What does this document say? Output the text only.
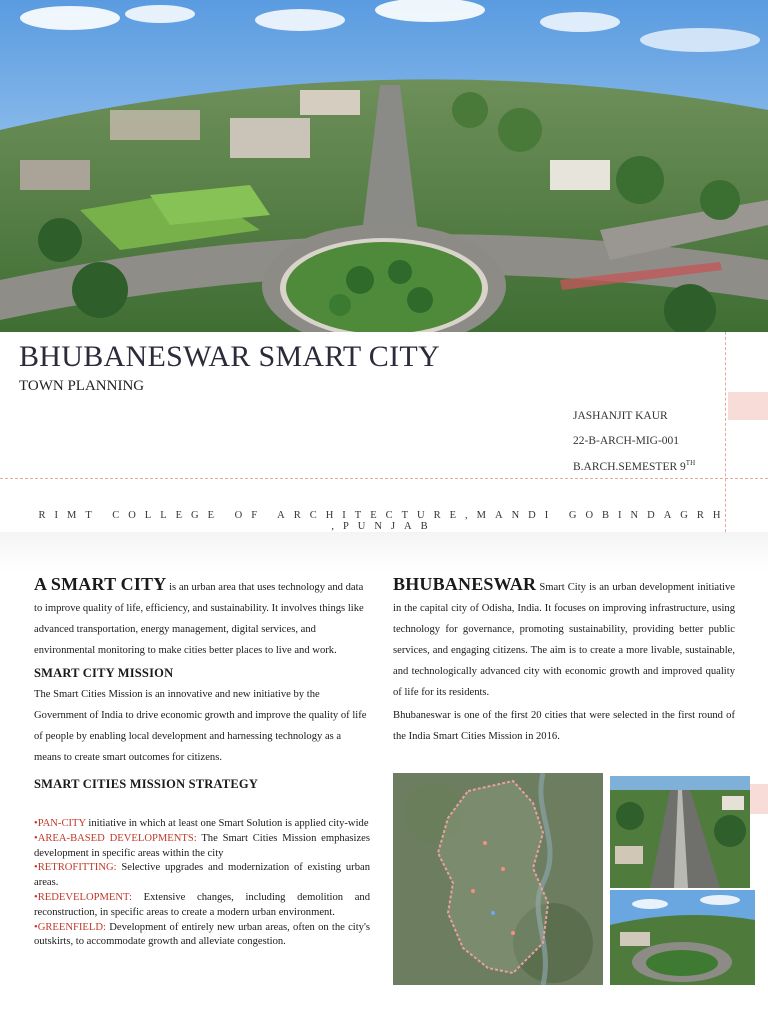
BHUBANESWAR SMART CITY
TOWN PLANNING
JASHANJIT KAUR
22-B-ARCH-MIG-001
B.ARCH.SEMESTER 9TH
RIMT COLLEGE OF ARCHITECTURE,MANDI GOBINDAGRH ,PUNJAB

A SMART CITY is an urban area that uses technology and data to improve quality of life, efficiency, and sustainability. It involves things like advanced transportation, energy management, digital services, and environmental monitoring to make cities better places to live and work.

SMART CITY MISSION

The Smart Cities Mission is an innovative and new initiative by the Government of India to drive economic growth and improve the quality of life of people by enabling local development and harnessing technology as a means to create smart outcomes for citizens.

SMART CITIES MISSION STRATEGY
•PAN-CITY initiative in which at least one Smart Solution is applied city-wide
•AREA-BASED DEVELOPMENTS: The Smart Cities Mission emphasizes development in specific areas within the city
•RETROFITTING: Selective upgrades and modernization of existing urban areas.
•REDEVELOPMENT: Extensive changes, including demolition and reconstruction, in specific areas to create a modern urban environment.
•GREENFIELD: Development of entirely new urban areas, often on the city's outskirts, to accommodate growth and alleviate congestion.

BHUBANESWAR Smart City is an urban development initiative in the capital city of Odisha, India. It focuses on improving infrastructure, using technology for governance, promoting sustainability, providing better public services, and engaging citizens. The aim is to create a more livable, sustainable, and technologically advanced city with economic growth and improved quality of life for its residents.

Bhubaneswar is one of the first 20 cities that were selected in the first round of the India Smart Cities Mission in 2016.
